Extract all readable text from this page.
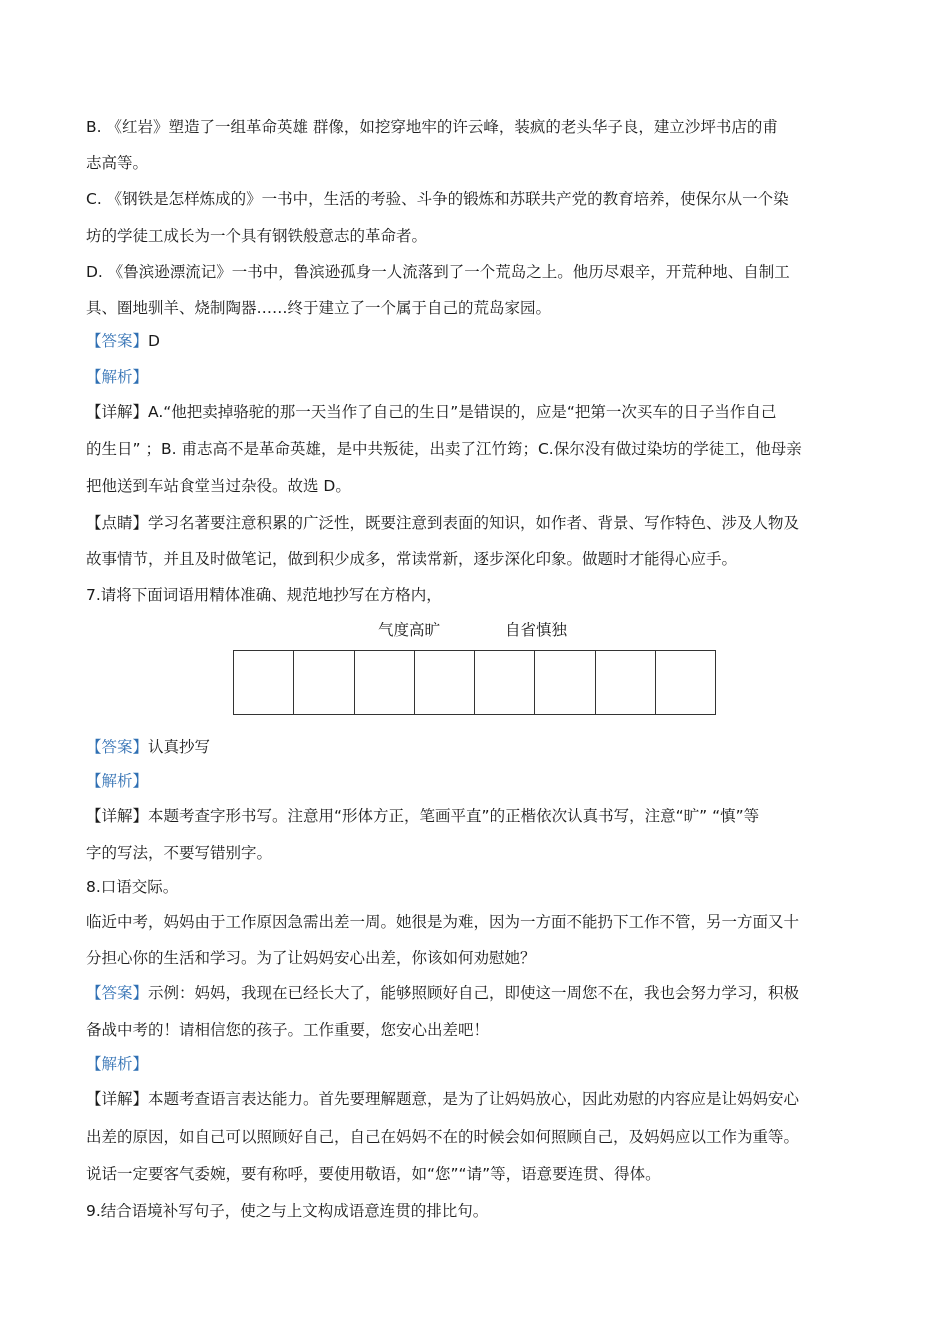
B. 《红岩》塑造了一组革命英雄 群像，如挖穿地牢的许云峰，装疯的老头华子良，建立沙坪书店的甫
志高等。
C. 《钢铁是怎样炼成的》一书中，生活的考验、斗争的锻炼和苏联共产党的教育培养，使保尔从一个染
坊的学徒工成长为一个具有钢铁般意志的革命者。
D. 《鲁滨逊漂流记》一书中，鲁滨逊孤身一人流落到了一个荒岛之上。他历尽艰辛，开荒种地、自制工
具、圈地驯羊、烧制陶器……终于建立了一个属于自己的荒岛家园。
【答案】D
【解析】
【详解】A.“他把卖掉骆驼的那一天当作了自己的生日”是错误的，应是“把第一次买车的日子当作自己
的生日” ；B. 甫志高不是革命英雄，是中共叛徒，出卖了江竹筠；C.保尔没有做过染坊的学徒工，他母亲
把他送到车站食堂当过杂役。故选 D。
【点睛】学习名著要注意积累的广泛性，既要注意到表面的知识，如作者、背景、写作特色、涉及人物及
故事情节，并且及时做笔记，做到积少成多，常读常新，逐步深化印象。做题时才能得心应手。
7.请将下面词语用精体准确、规范地抄写在方格内，
气度高旷	自省慎独
【答案】认真抄写
【解析】
【详解】本题考查字形书写。注意用“形体方正，笔画平直”的正楷依次认真书写，注意“旷” “慎”等
字的写法，不要写错别字。
8.口语交际。
临近中考，妈妈由于工作原因急需出差一周。她很是为难，因为一方面不能扔下工作不管，另一方面又十
分担心你的生活和学习。为了让妈妈安心出差，你该如何劝慰她？
【答案】示例：妈妈，我现在已经长大了，能够照顾好自己，即使这一周您不在，我也会努力学习，积极
备战中考的！请相信您的孩子。工作重要，您安心出差吧！
【解析】
【详解】本题考查语言表达能力。首先要理解题意，是为了让妈妈放心，因此劝慰的内容应是让妈妈安心
出差的原因，如自己可以照顾好自己，自己在妈妈不在的时候会如何照顾自己，及妈妈应以工作为重等。
说话一定要客气委婉，要有称呼，要使用敬语，如“您”“请”等，语意要连贯、得体。
9.结合语境补写句子，使之与上文构成语意连贯的排比句。
